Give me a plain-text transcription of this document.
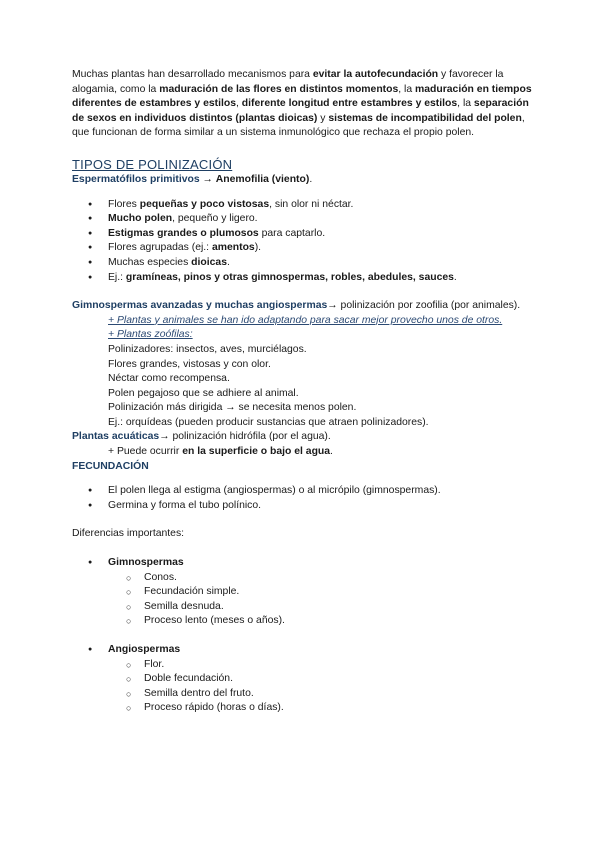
Muchas plantas han desarrollado mecanismos para evitar la autofecundación y favorecer la alogamia, como la maduración de las flores en distintos momentos, la maduración en tiempos diferentes de estambres y estilos, diferente longitud entre estambres y estilos, la separación de sexos en individuos distintos (plantas dioicas) y sistemas de incompatibilidad del polen, que funcionan de forma similar a un sistema inmunológico que rechaza el propio polen.

TIPOS DE POLINIZACIÓN

Espermatófilos primitivos → Anemofilia (viento).

● Flores pequeñas y poco vistosas, sin olor ni néctar.
● Mucho polen, pequeño y ligero.
● Estigmas grandes o plumosos para captarlo.
● Flores agrupadas (ej.: amentos).
● Muchas especies dioicas.
● Ej.: gramíneas, pinos y otras gimnospermas, robles, abedules, sauces.

Gimnospermas avanzadas y muchas angiospermas→ polinización por zoofilia (por animales).

+ Plantas y animales se han ido adaptando para sacar mejor provecho unos de otros.

+ Plantas zoófilas:

Polinizadores: insectos, aves, murciélagos.

Flores grandes, vistosas y con olor.

Néctar como recompensa.

Polen pegajoso que se adhiere al animal.

Polinización más dirigida → se necesita menos polen.

Ej.: orquídeas (pueden producir sustancias que atraen polinizadores).

Plantas acuáticas→ polinización hidrófila (por el agua).

+ Puede ocurrir en la superficie o bajo el agua.

FECUNDACIÓN

● El polen llega al estigma (angiospermas) o al micrópilo (gimnospermas).
● Germina y forma el tubo polínico.

Diferencias importantes:

● Gimnospermas
○ Conos.
○ Fecundación simple.
○ Semilla desnuda.
○ Proceso lento (meses o años).
● Angiospermas
○ Flor.
○ Doble fecundación.
○ Semilla dentro del fruto.
○ Proceso rápido (horas o días).
